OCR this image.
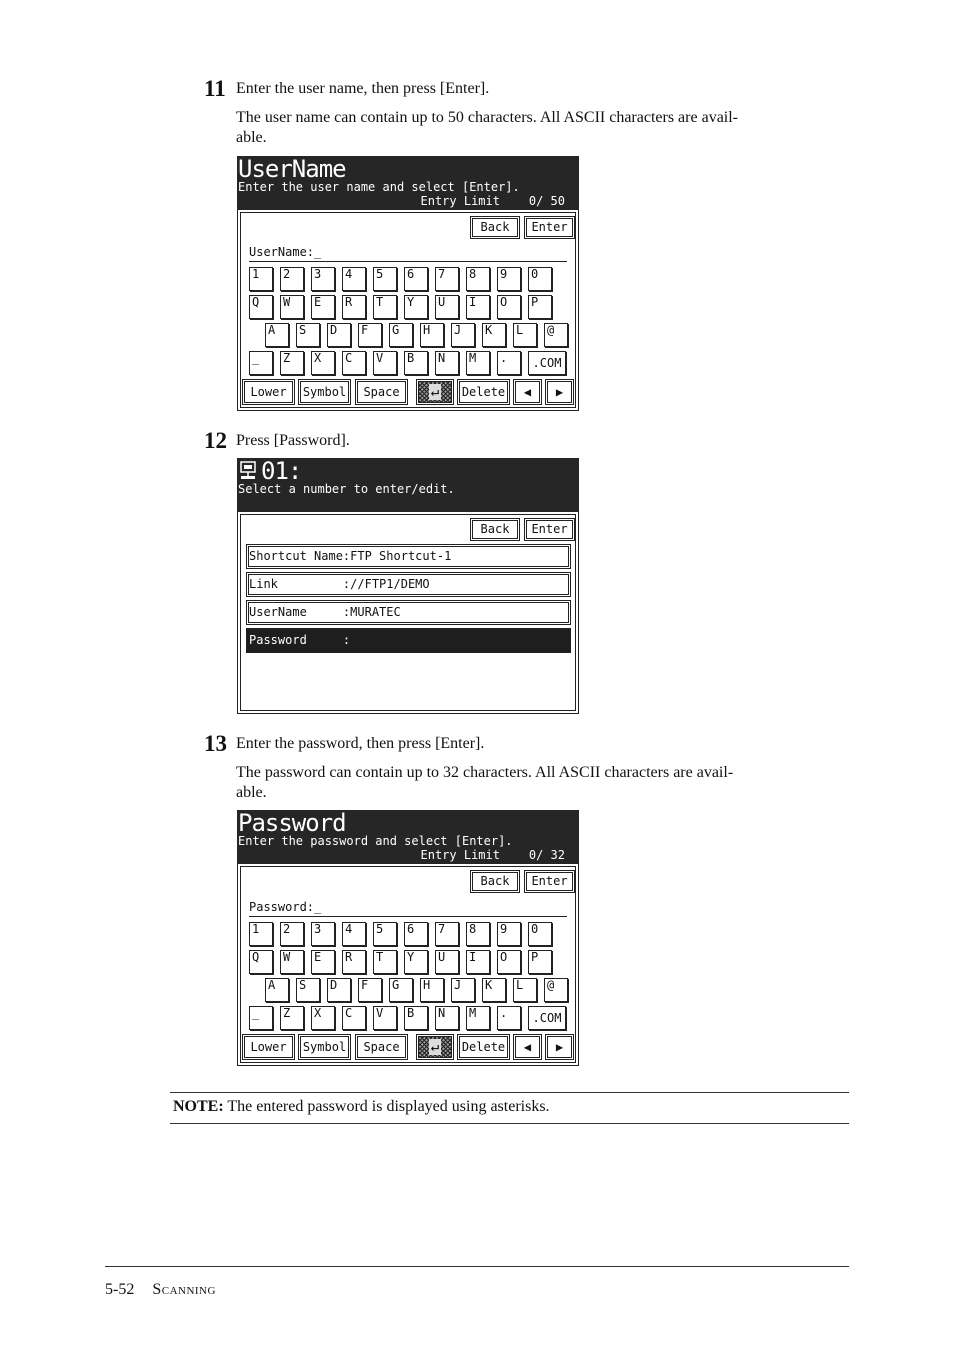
11 Enter the user name, then press [Enter].
The user name can contain up to 50 characters. All ASCII characters are avail-
able.
UserName
Enter the user name and select [Enter].
Entry Limit    0/ 50
Back	Enter
UserName:_
1	2	3	4	5	6	7	8	9	0
Q	W	E	R	T	Y	U	I	O	P
A	S	D	F	G	H	J	K	L	@
_	Z	X	C	V	B	N	M	.	.COM
Lower	Symbol	Space	↵	Delete	◀	▶
12 Press [Password].
01:
Select a number to enter/edit.
Back	Enter
Shortcut Name:FTP Shortcut-1
Link         ://FTP1/DEMO
UserName     :MURATEC
Password     :
13 Enter the password, then press [Enter].
The password can contain up to 32 characters. All ASCII characters are avail-
able.
Password
Enter the password and select [Enter].
Entry Limit    0/ 32
Back	Enter
Password:_
1	2	3	4	5	6	7	8	9	0
Q	W	E	R	T	Y	U	I	O	P
A	S	D	F	G	H	J	K	L	@
_	Z	X	C	V	B	N	M	.	.COM
Lower	Symbol	Space	↵	Delete	◀	▶
NOTE: The entered password is displayed using asterisks.
5-52 Scanning
